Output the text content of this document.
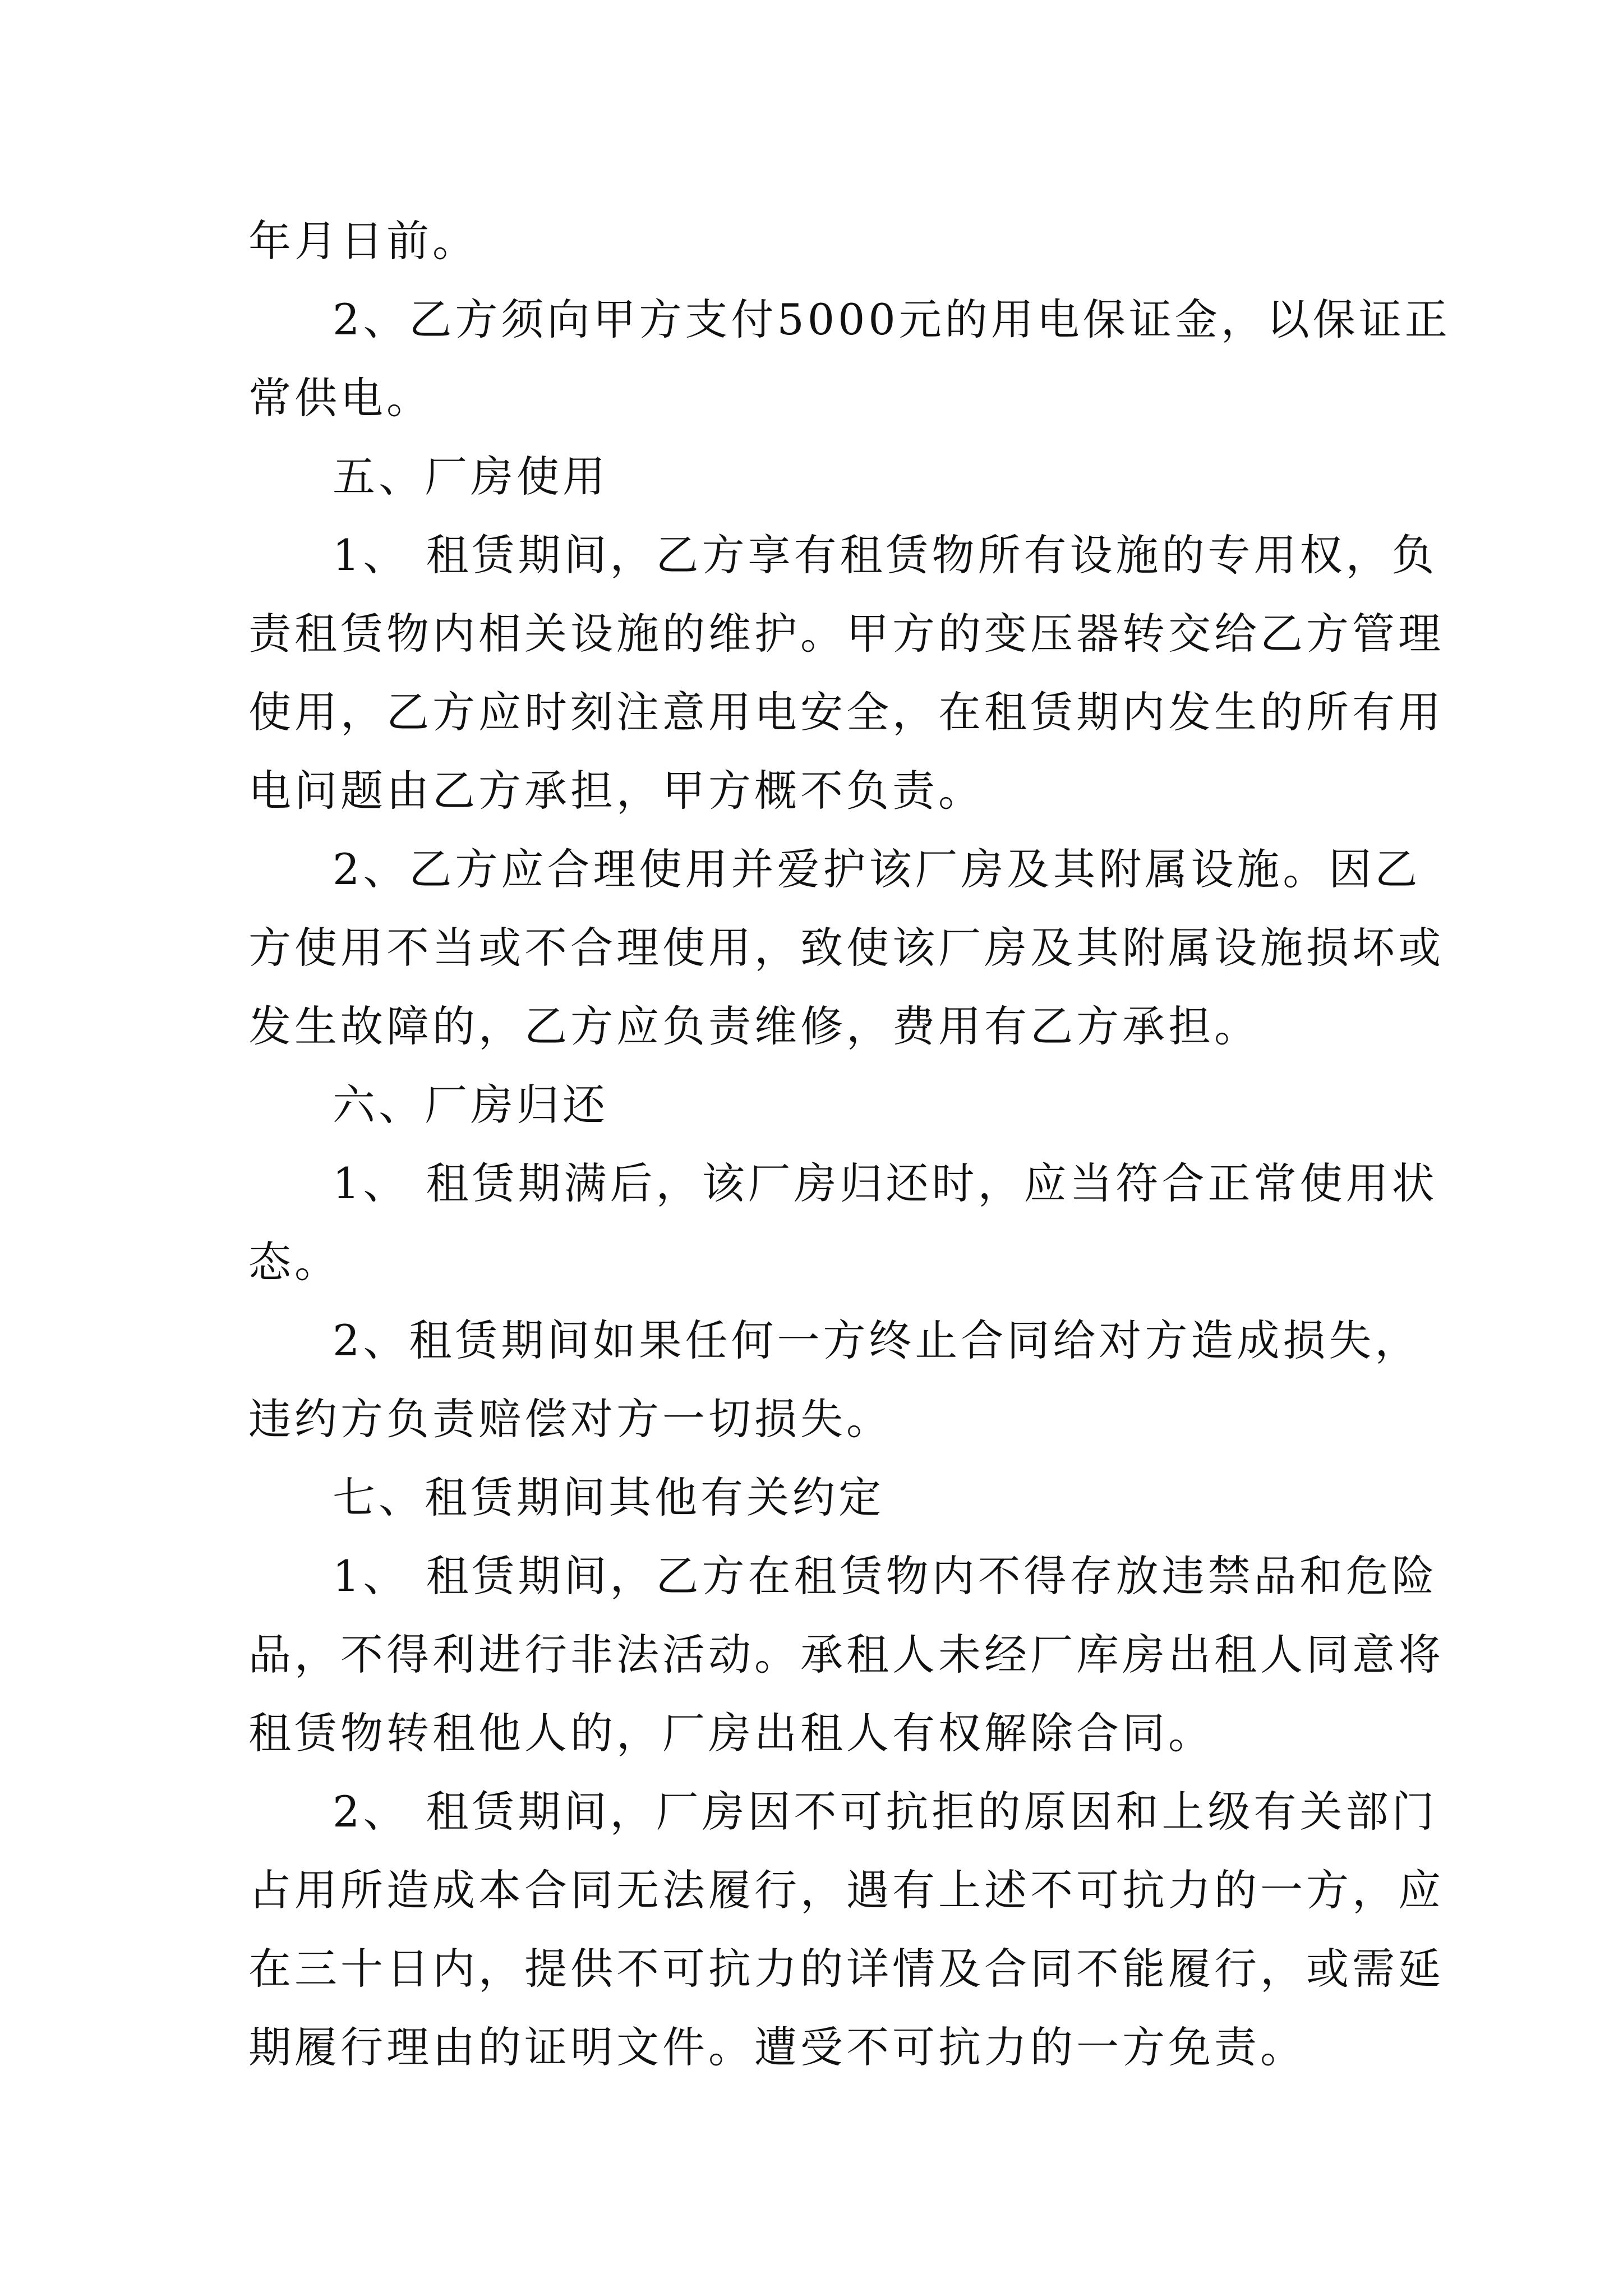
年月日前。
2、乙方须向甲方支付5000元的用电保证金，以保证正
常供电。
五、厂房使用
1、 租赁期间，乙方享有租赁物所有设施的专用权，负
责租赁物内相关设施的维护。甲方的变压器转交给乙方管理
使用，乙方应时刻注意用电安全，在租赁期内发生的所有用
电问题由乙方承担，甲方概不负责。
2、乙方应合理使用并爱护该厂房及其附属设施。因乙
方使用不当或不合理使用，致使该厂房及其附属设施损坏或
发生故障的，乙方应负责维修，费用有乙方承担。
六、厂房归还
1、 租赁期满后，该厂房归还时，应当符合正常使用状
态。
2、租赁期间如果任何一方终止合同给对方造成损失，
违约方负责赔偿对方一切损失。
七、租赁期间其他有关约定
1、 租赁期间，乙方在租赁物内不得存放违禁品和危险
品，不得利进行非法活动。承租人未经厂库房出租人同意将
租赁物转租他人的，厂房出租人有权解除合同。
2、 租赁期间，厂房因不可抗拒的原因和上级有关部门
占用所造成本合同无法履行，遇有上述不可抗力的一方，应
在三十日内，提供不可抗力的详情及合同不能履行，或需延
期履行理由的证明文件。遭受不可抗力的一方免责。
